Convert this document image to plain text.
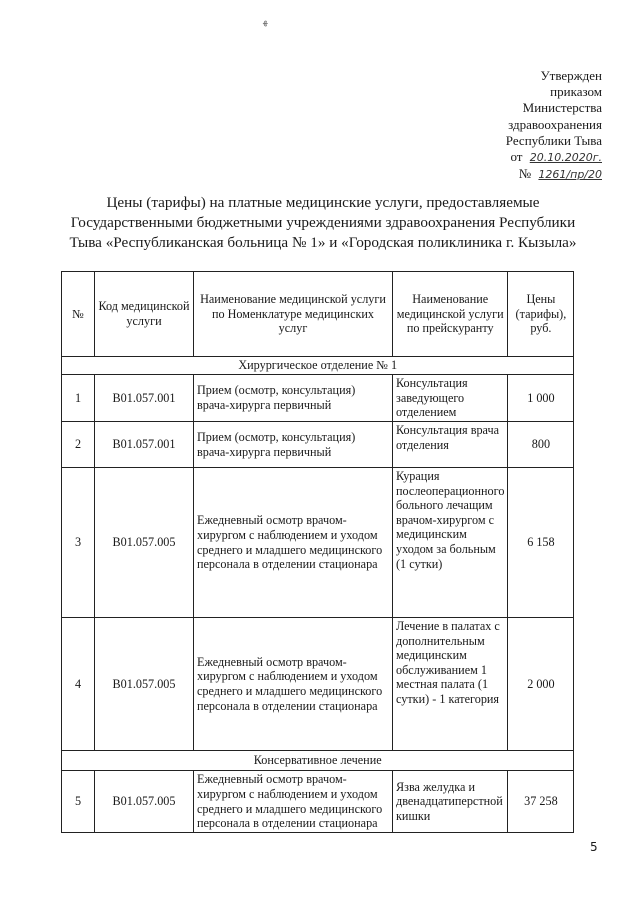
ﻬ
Утвержден
приказом
Министерства
здравоохранения
Республики Тыва
от 20.10.2020г.
№ 1261/пр/20
Цены (тарифы) на платные медицинские услуги, предоставляемые Государственными бюджетными учреждениями здравоохранения Республики Тыва «Республиканская больница № 1» и «Городская поликлиника г. Кызыла»
№	Код медицинской услуги	Наименование медицинской услуги по Номенклатуре медицинских услуг	Наименование медицинской услуги по прейскуранту	Цены (тарифы), руб.
Хирургическое отделение № 1				
1	B01.057.001	Прием (осмотр, консультация) врача-хирурга первичный	Консультация заведующего отделением	1 000
2	B01.057.001	Прием (осмотр, консультация) врача-хирурга первичный	Консультация врача отделения	800
3	B01.057.005	Ежедневный осмотр врачом-хирургом с наблюдением и уходом среднего и младшего медицинского персонала в отделении стационара	Курация послеоперационного больного лечащим врачом-хирургом с медицинским уходом за больным (1 сутки)	6 158
4	B01.057.005	Ежедневный осмотр врачом-хирургом с наблюдением и уходом среднего и младшего медицинского персонала в отделении стационара	Лечение в палатах с дополнительным медицинским обслуживанием 1 местная палата (1 сутки) - 1 категория	2 000
Консервативное лечение				
5	B01.057.005	Ежедневный осмотр врачом-хирургом с наблюдением и уходом среднего и младшего медицинского персонала в отделении стационара	Язва желудка и двенадцатиперстной кишки	37 258
5
